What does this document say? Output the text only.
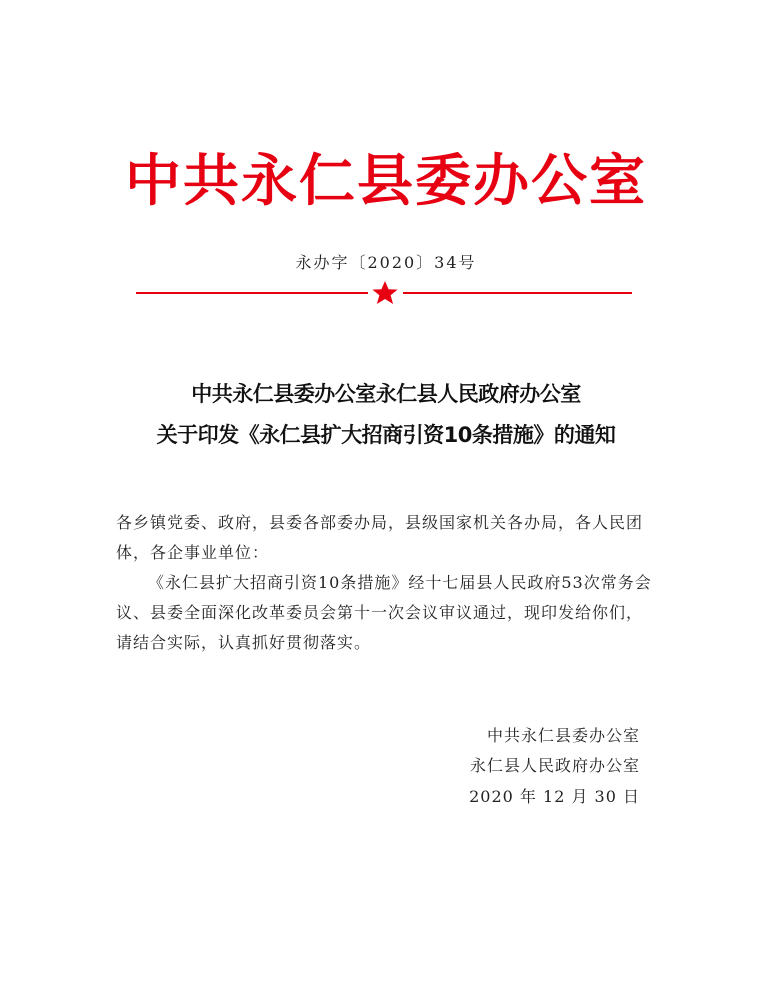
中共永仁县委办公室
永办字〔2020〕34号
中共永仁县委办公室永仁县人民政府办公室
关于印发《永仁县扩大招商引资10条措施》的通知
各乡镇党委、政府，县委各部委办局，县级国家机关各办局，各人民团体，各企事业单位：
《永仁县扩大招商引资10条措施》经十七届县人民政府53次常务会议、县委全面深化改革委员会第十一次会议审议通过，现印发给你们，请结合实际，认真抓好贯彻落实。
中共永仁县委办公室
永仁县人民政府办公室
2020 年 12 月 30 日
